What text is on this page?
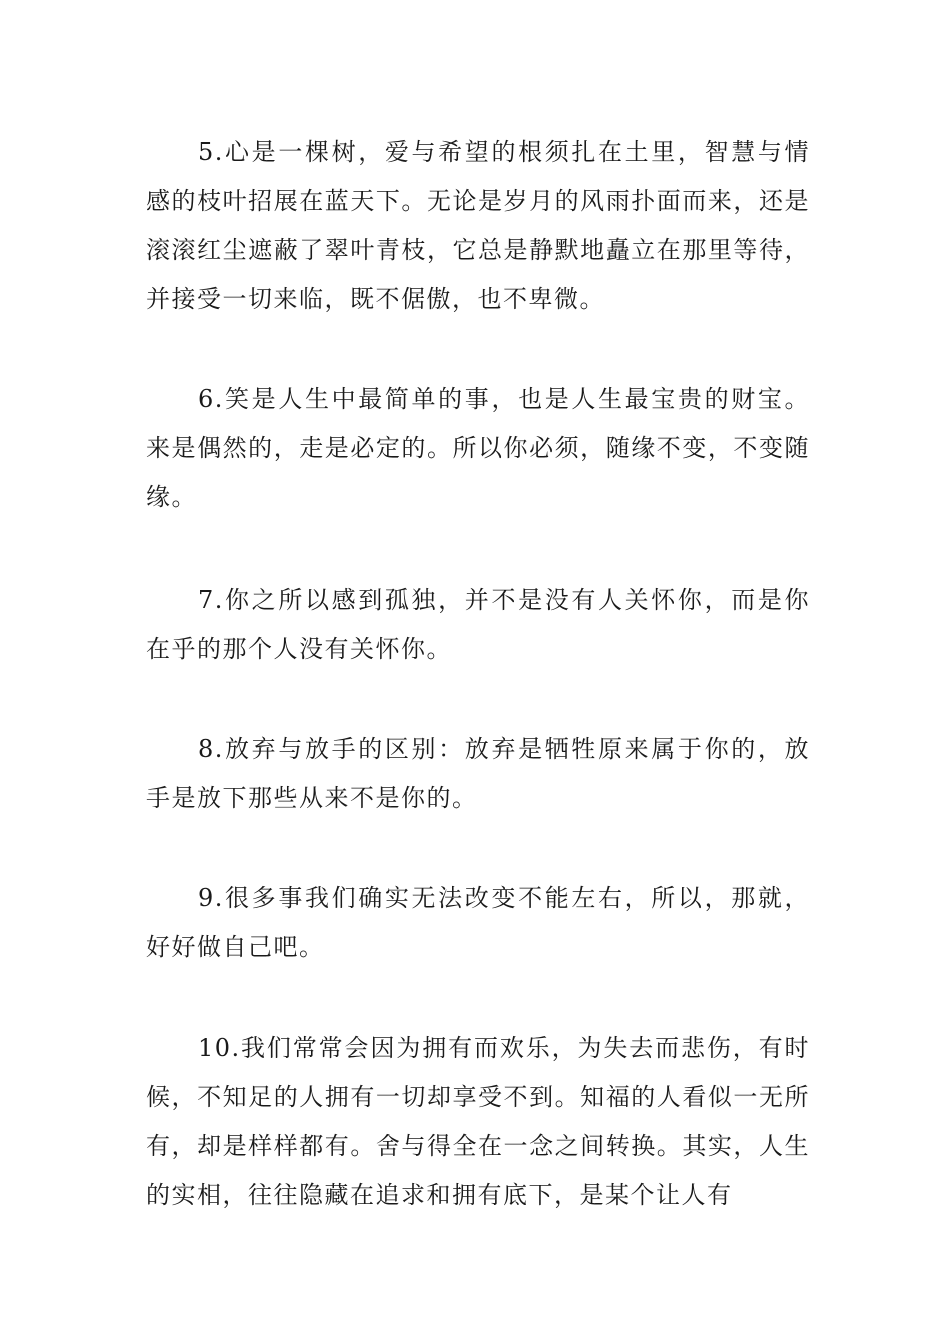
5.心是一棵树，爱与希望的根须扎在土里，智慧与情感的枝叶招展在蓝天下。无论是岁月的风雨扑面而来，还是滚滚红尘遮蔽了翠叶青枝，它总是静默地矗立在那里等待，并接受一切来临，既不倨傲，也不卑微。

6.笑是人生中最简单的事，也是人生最宝贵的财宝。来是偶然的，走是必定的。所以你必须，随缘不变，不变随缘。

7.你之所以感到孤独，并不是没有人关怀你，而是你在乎的那个人没有关怀你。

8.放弃与放手的区别：放弃是牺牲原来属于你的，放手是放下那些从来不是你的。

9.很多事我们确实无法改变不能左右，所以，那就，好好做自己吧。

10.我们常常会因为拥有而欢乐，为失去而悲伤，有时候，不知足的人拥有一切却享受不到。知福的人看似一无所有，却是样样都有。舍与得全在一念之间转换。其实，人生的实相，往往隐藏在追求和拥有底下，是某个让人有
